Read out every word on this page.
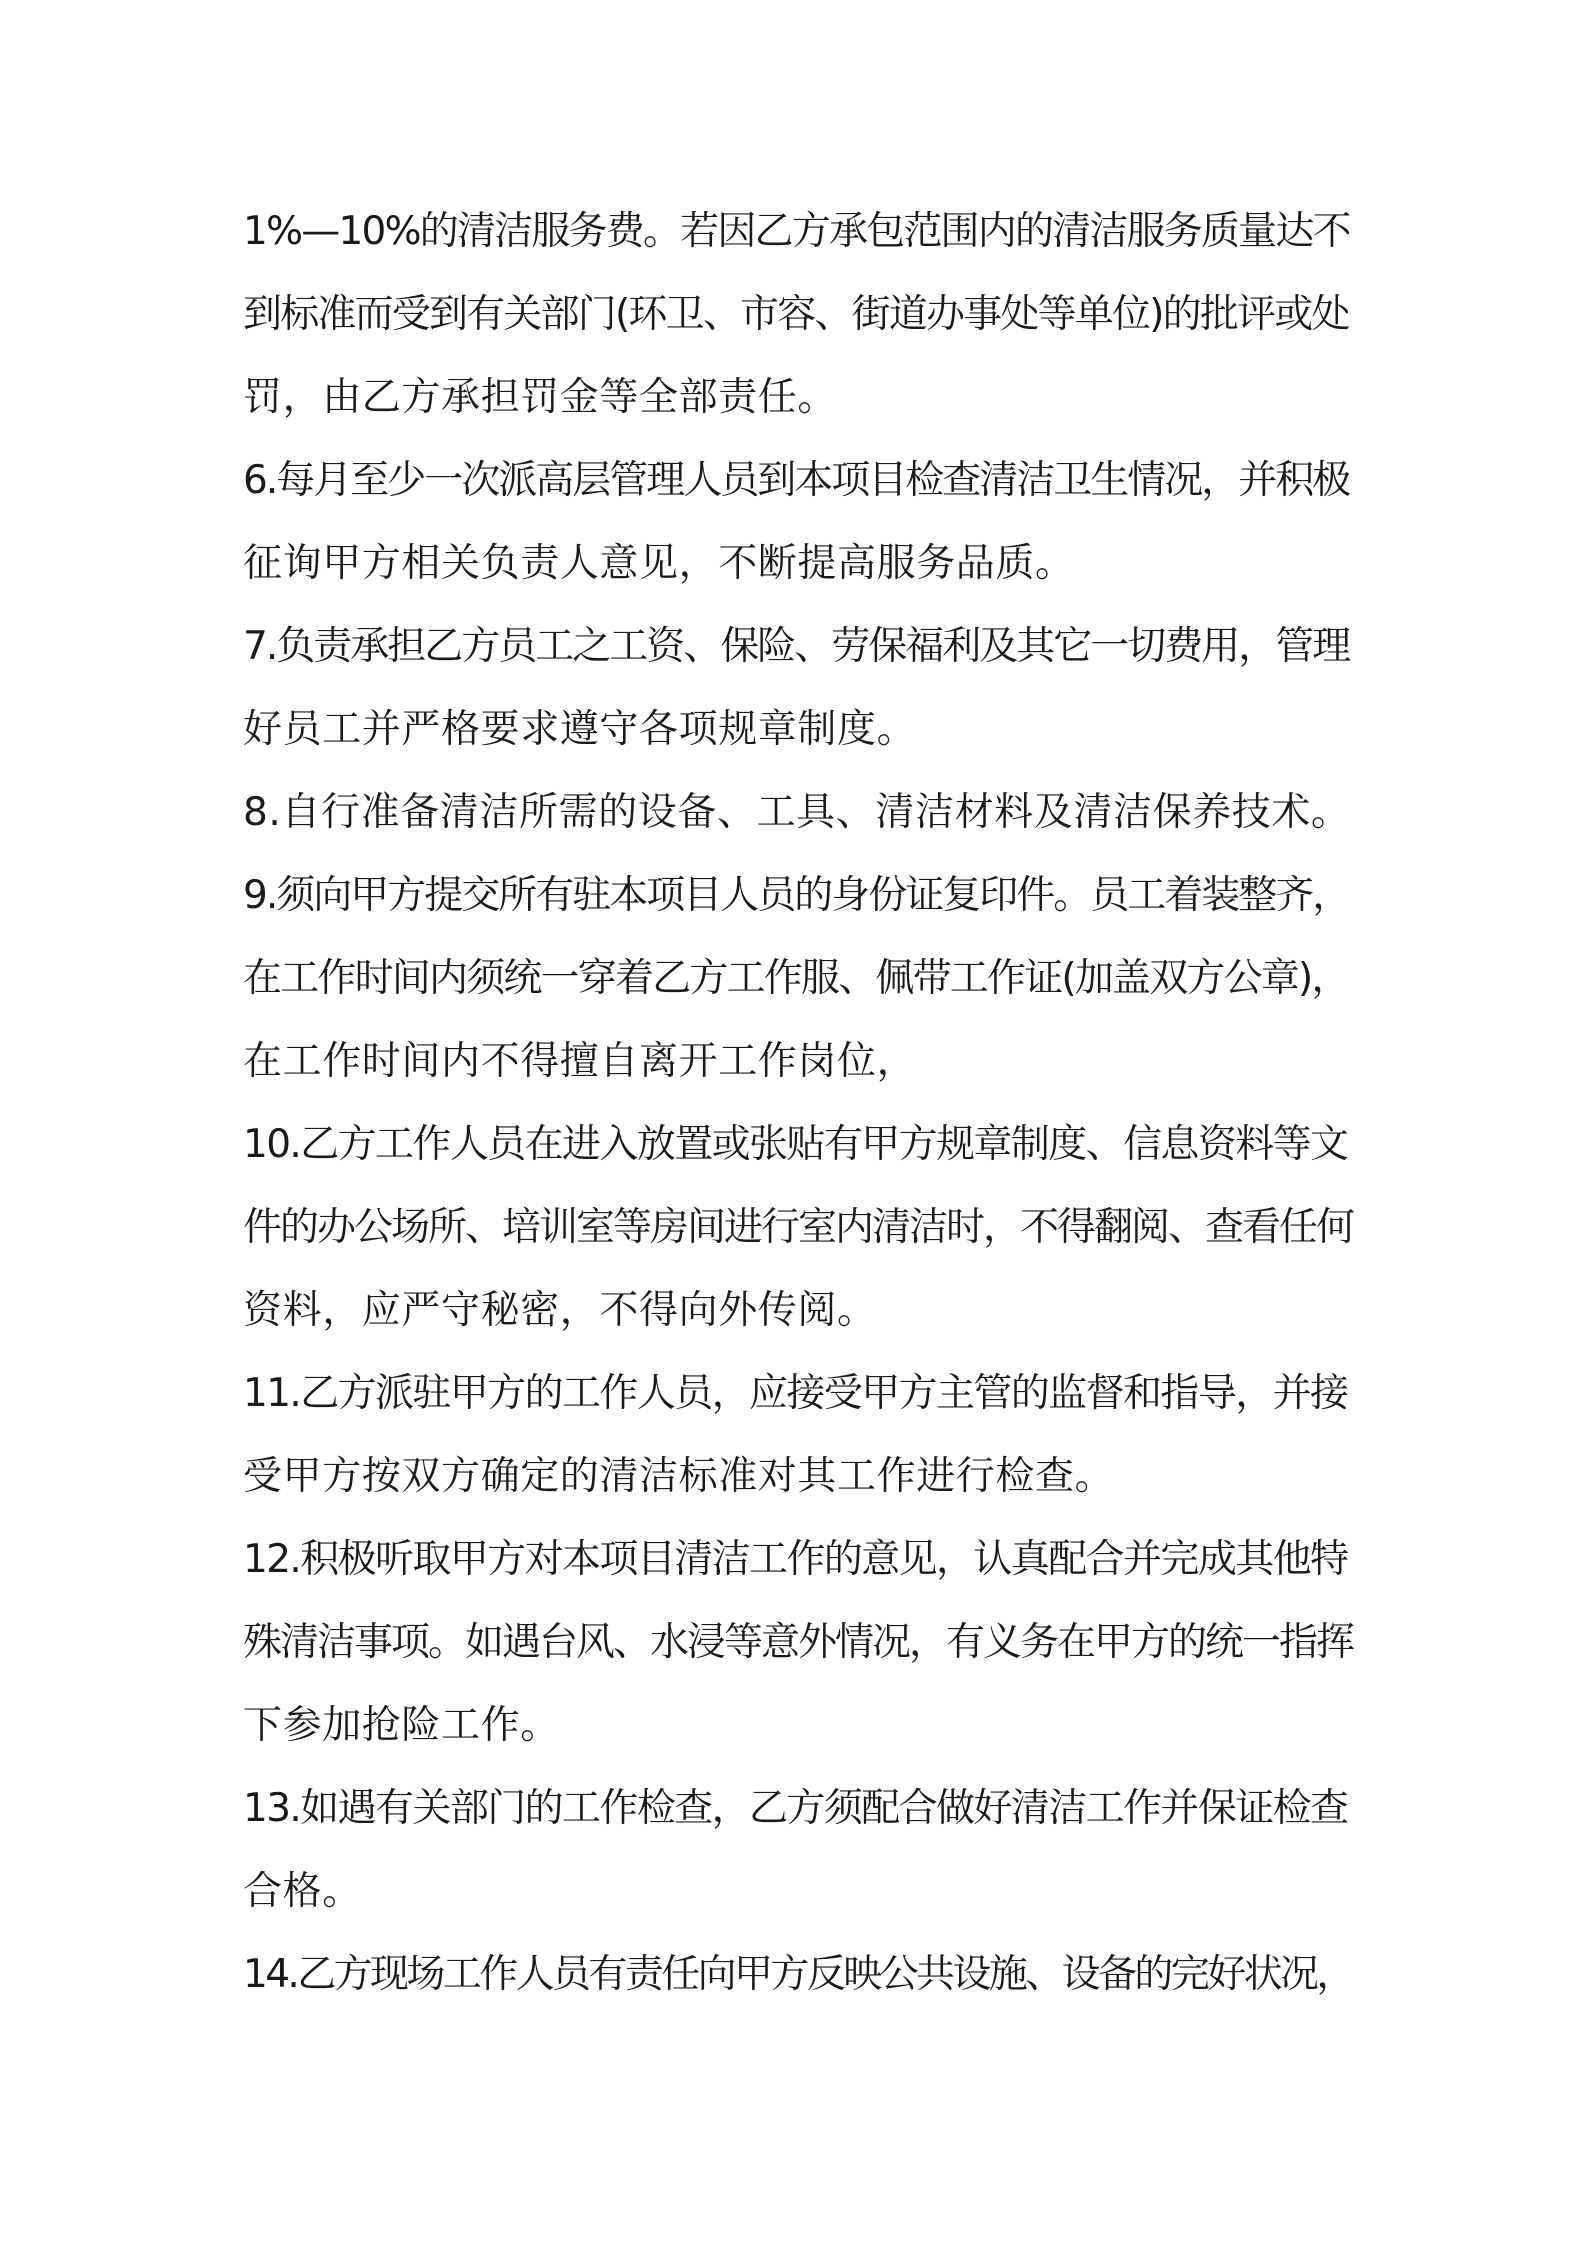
1%—10%的清洁服务费。若因乙方承包范围内的清洁服务质量达不
到标准而受到有关部门(环卫、市容、街道办事处等单位)的批评或处
罚，由乙方承担罚金等全部责任。
6.每月至少一次派高层管理人员到本项目检查清洁卫生情况，并积极
征询甲方相关负责人意见，不断提高服务品质。
7.负责承担乙方员工之工资、保险、劳保福利及其它一切费用，管理
好员工并严格要求遵守各项规章制度。
8.自行准备清洁所需的设备、工具、清洁材料及清洁保养技术。
9.须向甲方提交所有驻本项目人员的身份证复印件。员工着装整齐，
在工作时间内须统一穿着乙方工作服、佩带工作证(加盖双方公章)，
在工作时间内不得擅自离开工作岗位，
10.乙方工作人员在进入放置或张贴有甲方规章制度、信息资料等文
件的办公场所、培训室等房间进行室内清洁时，不得翻阅、查看任何
资料，应严守秘密，不得向外传阅。
11.乙方派驻甲方的工作人员，应接受甲方主管的监督和指导，并接
受甲方按双方确定的清洁标准对其工作进行检查。
12.积极听取甲方对本项目清洁工作的意见，认真配合并完成其他特
殊清洁事项。如遇台风、水浸等意外情况，有义务在甲方的统一指挥
下参加抢险工作。
13.如遇有关部门的工作检查，乙方须配合做好清洁工作并保证检查
合格。
14.乙方现场工作人员有责任向甲方反映公共设施、设备的完好状况，
